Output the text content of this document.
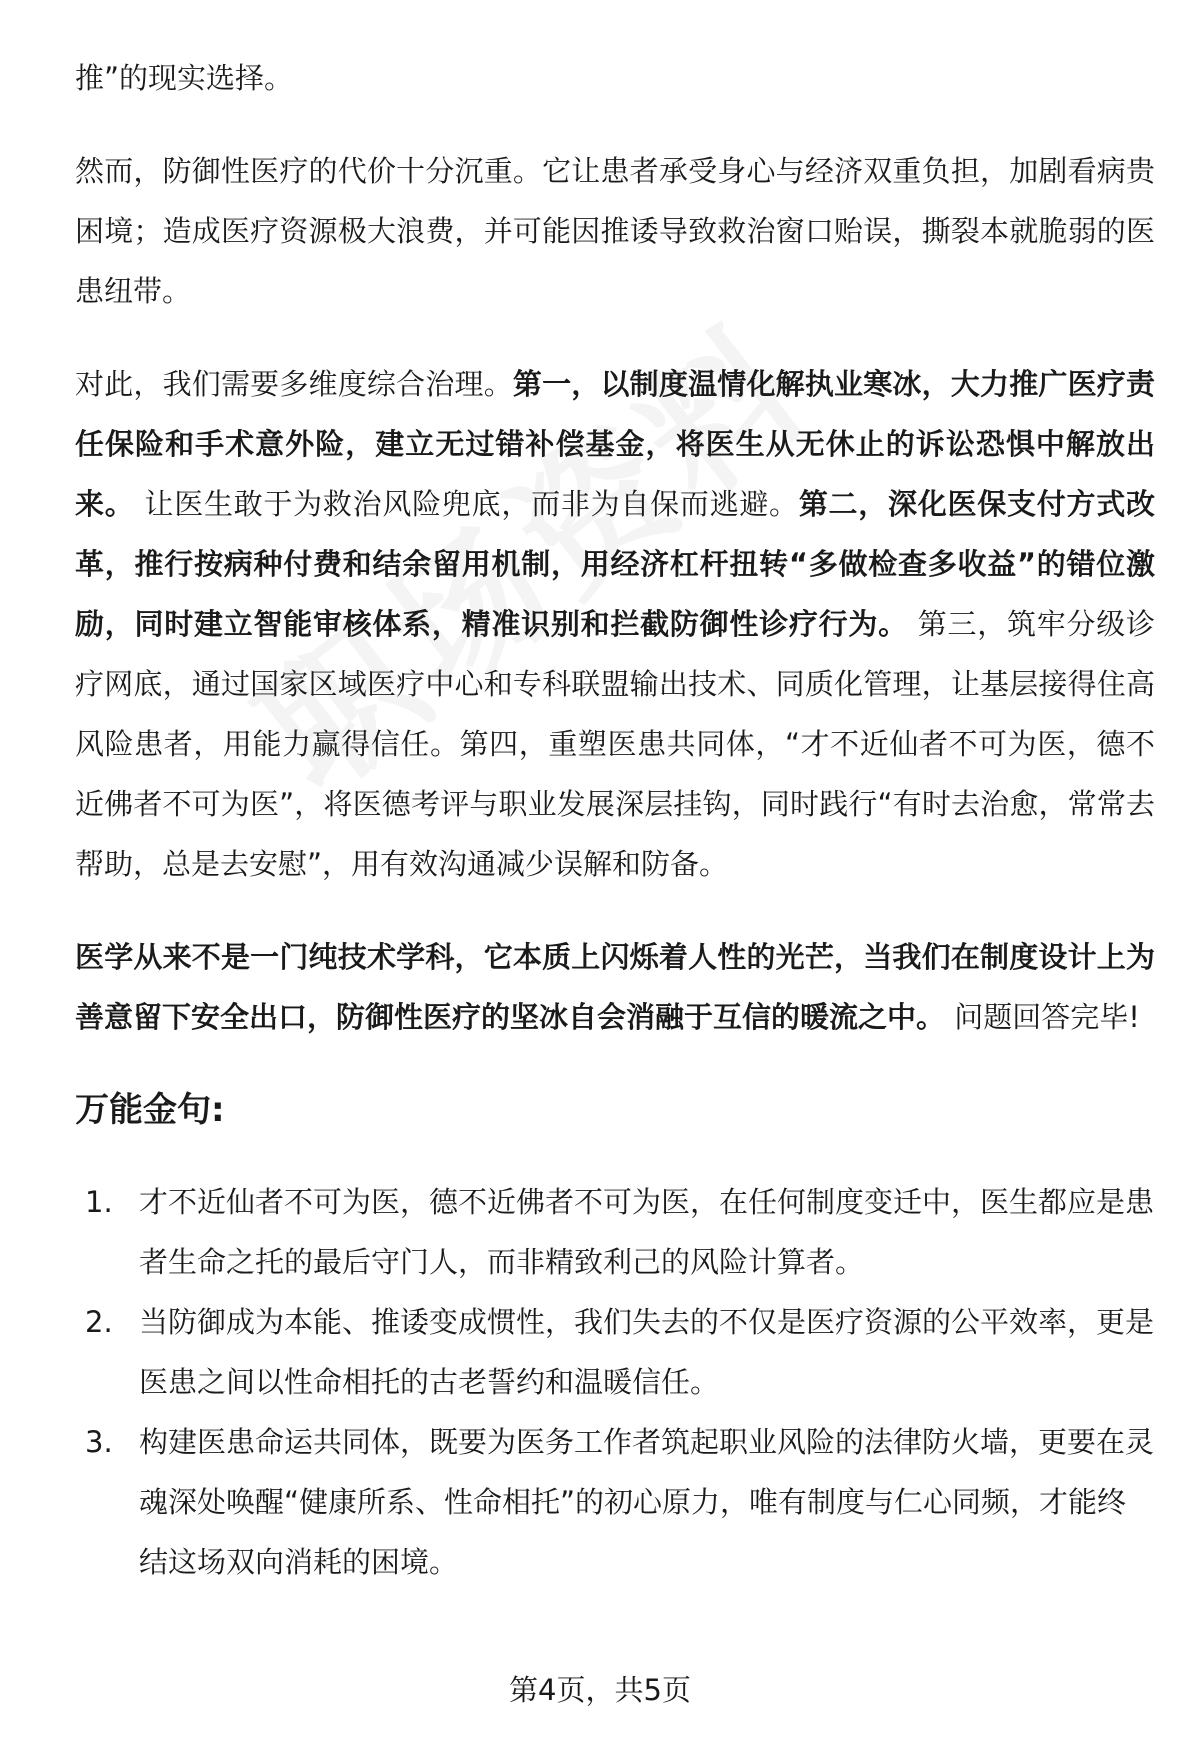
推”的现实选择。

然而，防御性医疗的代价十分沉重。它让患者承受身心与经济双重负担，加剧看病贵困境；造成医疗资源极大浪费，并可能因推诿导致救治窗口贻误，撕裂本就脆弱的医患纽带。

对此，我们需要多维度综合治理。第一，以制度温情化解执业寒冰，大力推广医疗责任保险和手术意外险，建立无过错补偿基金，将医生从无休止的诉讼恐惧中解放出来。 让医生敢于为救治风险兜底，而非为自保而逃避。第二，深化医保支付方式改革，推行按病种付费和结余留用机制，用经济杠杆扭转“多做检查多收益”的错位激励，同时建立智能审核体系，精准识别和拦截防御性诊疗行为。 第三，筑牢分级诊疗网底，通过国家区域医疗中心和专科联盟输出技术、同质化管理，让基层接得住高风险患者，用能力赢得信任。第四，重塑医患共同体，“才不近仙者不可为医，德不近佛者不可为医”，将医德考评与职业发展深层挂钩，同时践行“有时去治愈，常常去帮助，总是去安慰”，用有效沟通减少误解和防备。

医学从来不是一门纯技术学科，它本质上闪烁着人性的光芒，当我们在制度设计上为善意留下安全出口，防御性医疗的坚冰自会消融于互信的暖流之中。 问题回答完毕!

万能金句:
1. 才不近仙者不可为医，德不近佛者不可为医，在任何制度变迁中，医生都应是患者生命之托的最后守门人，而非精致利己的风险计算者。
2. 当防御成为本能、推诿变成惯性，我们失去的不仅是医疗资源的公平效率，更是医患之间以性命相托的古老誓约和温暖信任。
3. 构建医患命运共同体，既要为医务工作者筑起职业风险的法律防火墙，更要在灵魂深处唤醒“健康所系、性命相托”的初心原力，唯有制度与仁心同频，才能终结这场双向消耗的困境。
第4页，共5页
